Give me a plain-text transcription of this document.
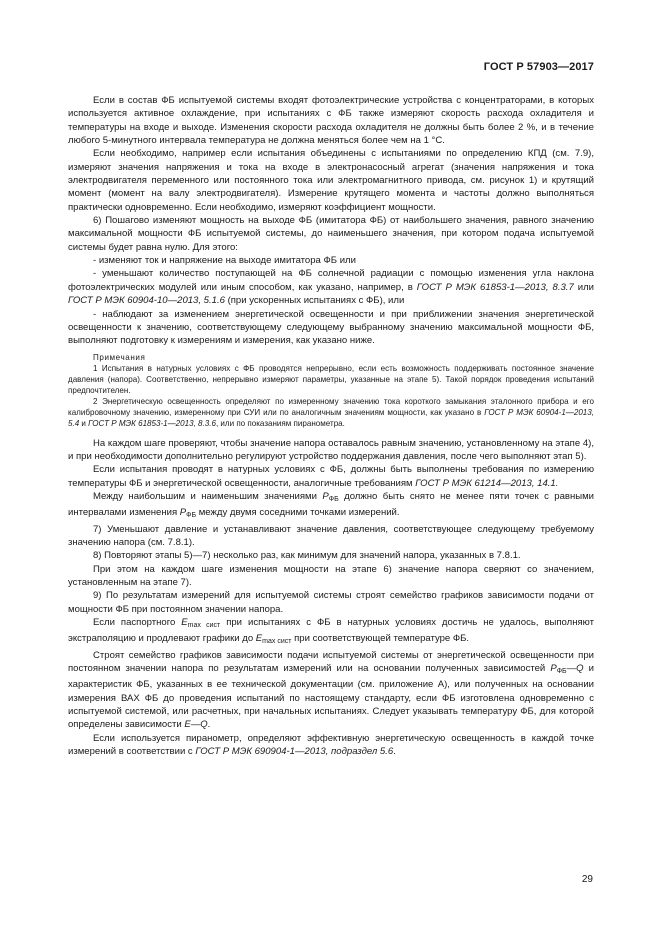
ГОСТ Р 57903—2017

Если в состав ФБ испытуемой системы входят фотоэлектрические устройства с концентраторами, в которых используется активное охлаждение, при испытаниях с ФБ также измеряют скорость расхода охладителя и температуры на входе и выходе. Изменения скорости расхода охладителя не должны быть более 2 %, и в течение любого 5-минутного интервала температура не должна меняться более чем на 1 °С.

Если необходимо, например если испытания объединены с испытаниями по определению КПД (см. 7.9), измеряют значения напряжения и тока на входе в электронасосный агрегат (значения напряжения и тока электродвигателя переменного или постоянного тока или электромагнитного привода, см. рисунок 1) и крутящий момент (момент на валу электродвигателя). Измерение крутящего момента и частоты должно выполняться практически одновременно. Если необходимо, измеряют коэффициент мощности.

6) Пошагово изменяют мощность на выходе ФБ (имитатора ФБ) от наибольшего значения, равного значению максимальной мощности ФБ испытуемой системы, до наименьшего значения, при котором подача испытуемой системы будет равна нулю. Для этого:

- изменяют ток и напряжение на выходе имитатора ФБ или

- уменьшают количество поступающей на ФБ солнечной радиации с помощью изменения угла наклона фотоэлектрических модулей или иным способом, как указано, например, в ГОСТ Р МЭК 61853-1—2013, 8.3.7 или ГОСТ Р МЭК 60904-10—2013, 5.1.6 (при ускоренных испытаниях с ФБ), или

- наблюдают за изменением энергетической освещенности и при приближении значения энергетической освещенности к значению, соответствующему следующему выбранному значению максимальной мощности ФБ, выполняют подготовку к измерениям и измерения, как указано ниже.

Примечания

1 Испытания в натурных условиях с ФБ проводятся непрерывно, если есть возможность поддерживать постоянное значение давления (напора). Соответственно, непрерывно измеряют параметры, указанные на этапе 5). Такой порядок проведения испытаний предпочтителен.

2 Энергетическую освещенность определяют по измеренному значению тока короткого замыкания эталонного прибора и его калибровочному значению, измеренному при СУИ или по аналогичным значениям мощности, как указано в ГОСТ Р МЭК 60904-1—2013, 5.4 и ГОСТ Р МЭК 61853-1—2013, 8.3.6, или по показаниям пиранометра.

На каждом шаге проверяют, чтобы значение напора оставалось равным значению, установленному на этапе 4), и при необходимости дополнительно регулируют устройство поддержания давления, после чего выполняют этап 5).

Если испытания проводят в натурных условиях с ФБ, должны быть выполнены требования по измерению температуры ФБ и энергетической освещенности, аналогичные требованиям ГОСТ Р МЭК 61214—2013, 14.1.

Между наибольшим и наименьшим значениями $P_{ФБ}$ должно быть снято не менее пяти точек с равными интервалами изменения $P_{ФБ}$ между двумя соседними точками измерений.

7) Уменьшают давление и устанавливают значение давления, соответствующее следующему требуемому значению напора (см. 7.8.1).

8) Повторяют этапы 5)—7) несколько раз, как минимум для значений напора, указанных в 7.8.1.

При этом на каждом шаге изменения мощности на этапе 6) значение напора сверяют со значением, установленным на этапе 7).

9) По результатам измерений для испытуемой системы строят семейство графиков зависимости подачи от мощности ФБ при постоянном значении напора.

Если паспортного $E_{max сист}$ при испытаниях с ФБ в натурных условиях достичь не удалось, выполняют экстраполяцию и продлевают графики до $E_{max сист}$ при соответствующей температуре ФБ.

Строят семейство графиков зависимости подачи испытуемой системы от энергетической освещенности при постоянном значении напора по результатам измерений или на основании полученных зависимостей $P_{ФБ}—Q$ и характеристик ФБ, указанных в ее технической документации (см. приложение А), или полученных на основании измерения ВАХ ФБ до проведения испытаний по настоящему стандарту, если ФБ изготовлена одновременно с испытуемой системой, или расчетных, при начальных испытаниях. Следует указывать температуру ФБ, для которой определены зависимости E—Q.

Если используется пиранометр, определяют эффективную энергетическую освещенность в каждой точке измерений в соответствии с ГОСТ Р МЭК 690904-1—2013, подраздел 5.6.

29
